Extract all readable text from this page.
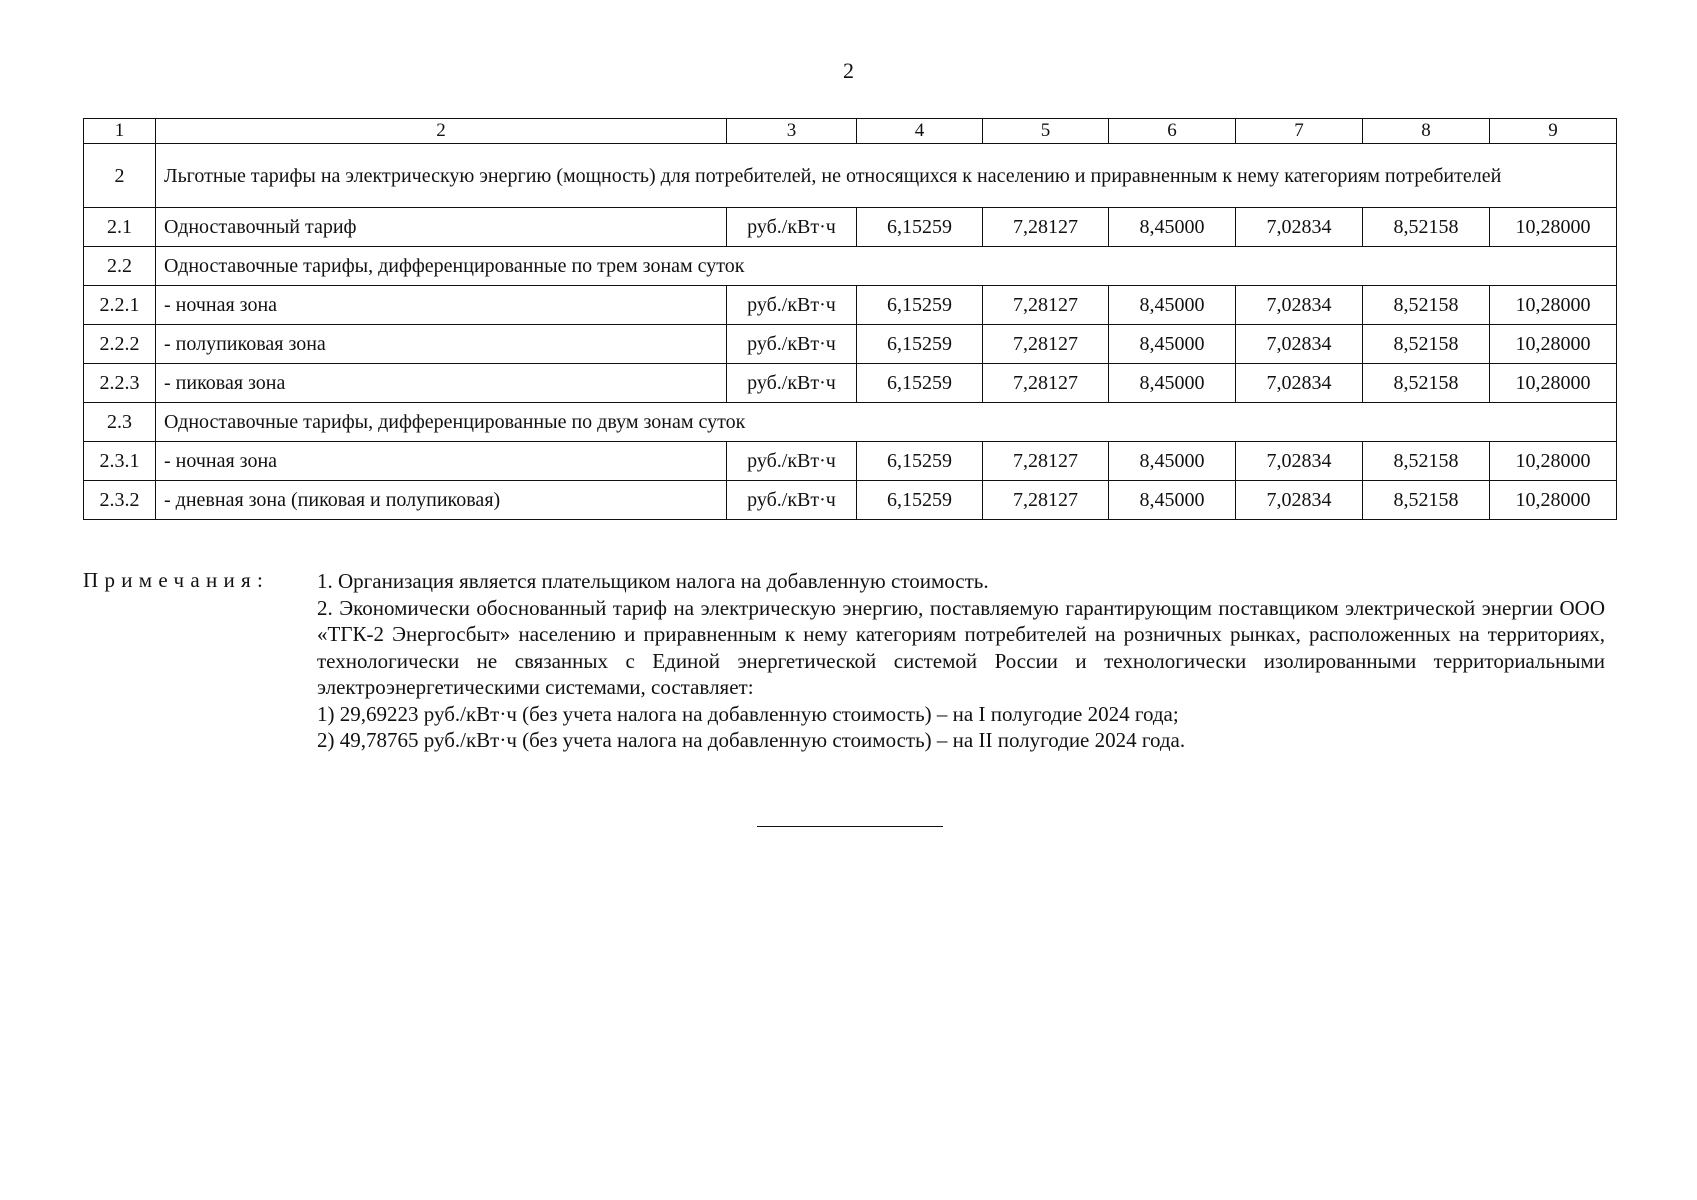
2
1	2	3	4	5	6	7	8	9
2	Льготные тарифы на электрическую энергию (мощность) для потребителей, не относящихся к населению и приравненным к нему категориям потребителей							
2.1	Одноставочный тариф	руб./кВт·ч	6,15259	7,28127	8,45000	7,02834	8,52158	10,28000
2.2	Одноставочные тарифы, дифференцированные по трем зонам суток							
2.2.1	- ночная зона	руб./кВт·ч	6,15259	7,28127	8,45000	7,02834	8,52158	10,28000
2.2.2	- полупиковая зона	руб./кВт·ч	6,15259	7,28127	8,45000	7,02834	8,52158	10,28000
2.2.3	- пиковая зона	руб./кВт·ч	6,15259	7,28127	8,45000	7,02834	8,52158	10,28000
2.3	Одноставочные тарифы, дифференцированные по двум зонам суток							
2.3.1	- ночная зона	руб./кВт·ч	6,15259	7,28127	8,45000	7,02834	8,52158	10,28000
2.3.2	- дневная зона (пиковая и полупиковая)	руб./кВт·ч	6,15259	7,28127	8,45000	7,02834	8,52158	10,28000
Примечания: 1. Организация является плательщиком налога на добавленную стоимость.

2. Экономически обоснованный тариф на электрическую энергию, поставляемую гарантирующим поставщиком электрической энергии ООО «ТГК-2 Энергосбыт» населению и приравненным к нему категориям потребителей на розничных рынках, расположенных на территориях, технологически не связанных с Единой энергетической системой России и технологически изолированными территориальными электроэнергетическими системами, составляет:

1) 29,69223 руб./кВт·ч (без учета налога на добавленную стоимость) – на I полугодие 2024 года;

2) 49,78765 руб./кВт·ч (без учета налога на добавленную стоимость) – на II полугодие 2024 года.
